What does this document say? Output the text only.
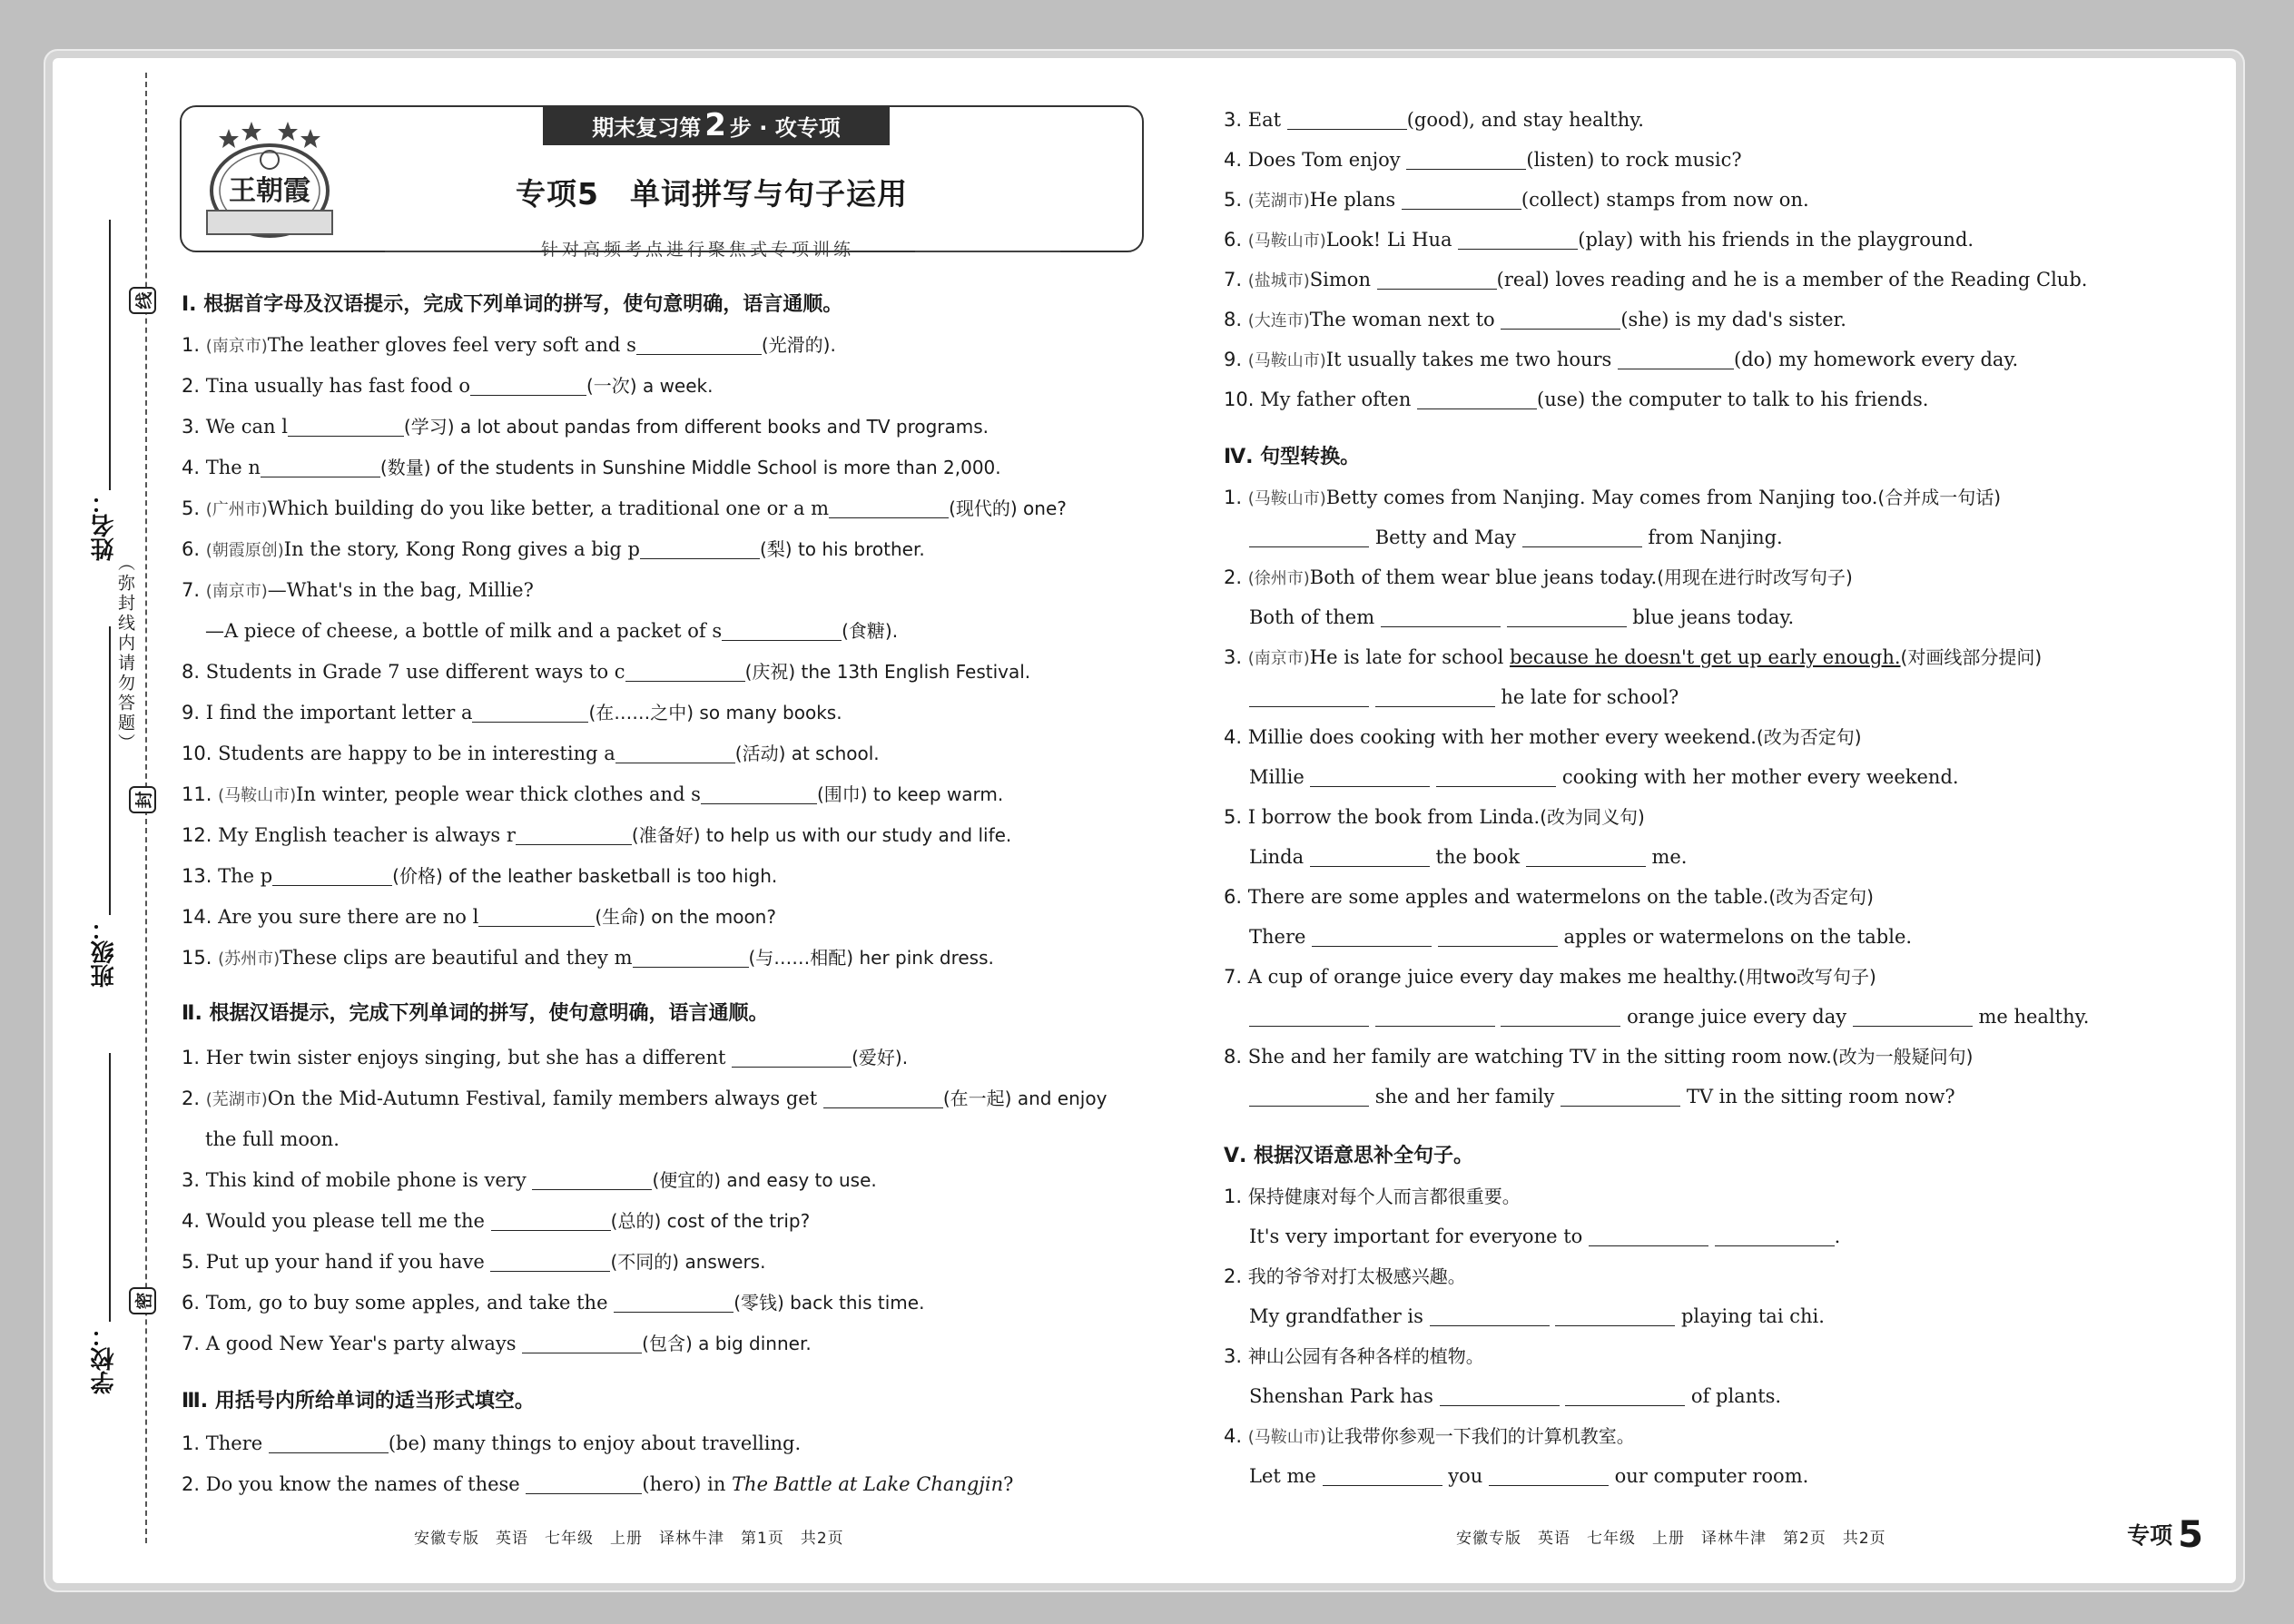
姓名：
班级：
学校：
线
封
密
（弥封线内请勿答题）
期末复习第 2 步 · 攻专项
王朝霞	专项5　单词拼写与句子运用
针对高频考点进行聚焦式专项训练
Ⅰ. 根据首字母及汉语提示，完成下列单词的拼写，使句意明确，语言通顺。
1. (南京市)The leather gloves feel very soft and s	(光滑的).
2. Tina usually has fast food o	(一次) a week.
3. We can l	(学习) a lot about pandas from different books and TV programs.
4. The n	(数量) of the students in Sunshine Middle School is more than 2,000.
5. (广州市)Which building do you like better, a traditional one or a m	(现代的) one?
6. (朝霞原创)In the story, Kong Rong gives a big p	(梨) to his brother.
7. (南京市)—What's in the bag, Millie?
—A piece of cheese, a bottle of milk and a packet of s	(食糖).
8. Students in Grade 7 use different ways to c	(庆祝) the 13th English Festival.
9. I find the important letter a	(在……之中) so many books.
10. Students are happy to be in interesting a	(活动) at school.
11. (马鞍山市)In winter, people wear thick clothes and s	(围巾) to keep warm.
12. My English teacher is always r	(准备好) to help us with our study and life.
13. The p	(价格) of the leather basketball is too high.
14. Are you sure there are no l	(生命) on the moon?
15. (苏州市)These clips are beautiful and they m	(与……相配) her pink dress.
Ⅱ. 根据汉语提示，完成下列单词的拼写，使句意明确，语言通顺。
1. Her twin sister enjoys singing, but she has a different	(爱好).
2. (芜湖市)On the Mid-Autumn Festival, family members always get	(在一起) and enjoy
the full moon.
3. This kind of mobile phone is very	(便宜的) and easy to use.
4. Would you please tell me the	(总的) cost of the trip?
5. Put up your hand if you have	(不同的) answers.
6. Tom, go to buy some apples, and take the	(零钱) back this time.
7. A good New Year's party always	(包含) a big dinner.
Ⅲ. 用括号内所给单词的适当形式填空。
1. There	(be) many things to enjoy about travelling.
2. Do you know the names of these	(hero) in The Battle at Lake Changjin?
3. Eat	(good), and stay healthy.
4. Does Tom enjoy	(listen) to rock music?
5. (芜湖市)He plans	(collect) stamps from now on.
6. (马鞍山市)Look! Li Hua	(play) with his friends in the playground.
7. (盐城市)Simon	(real) loves reading and he is a member of the Reading Club.
8. (大连市)The woman next to	(she) is my dad's sister.
9. (马鞍山市)It usually takes me two hours	(do) my homework every day.
10. My father often	(use) the computer to talk to his friends.
Ⅳ. 句型转换。
1. (马鞍山市)Betty comes from Nanjing. May comes from Nanjing too.(合并成一句话)
Betty and May	from Nanjing.
2. (徐州市)Both of them wear blue jeans today.(用现在进行时改写句子)
Both of them	blue jeans today.
3. (南京市)He is late for school because he doesn't get up early enough.(对画线部分提问)
he late for school?
4. Millie does cooking with her mother every weekend.(改为否定句)
Millie	cooking with her mother every weekend.
5. I borrow the book from Linda.(改为同义句)
Linda	the book	me.
6. There are some apples and watermelons on the table.(改为否定句)
There	apples or watermelons on the table.
7. A cup of orange juice every day makes me healthy.(用two改写句子)
orange juice every day	me healthy.
8. She and her family are watching TV in the sitting room now.(改为一般疑问句)
she and her family	TV in the sitting room now?
Ⅴ. 根据汉语意思补全句子。
1. 保持健康对每个人而言都很重要。
It's very important for everyone to	.
2. 我的爷爷对打太极感兴趣。
My grandfather is	playing tai chi.
3. 神山公园有各种各样的植物。
Shenshan Park has	of plants.
4. (马鞍山市)让我带你参观一下我们的计算机教室。
Let me	you	our computer room.
安徽专版　英语　七年级　上册　译林牛津　第1页　共2页	安徽专版　英语　七年级　上册　译林牛津　第2页　共2页	专项 5
